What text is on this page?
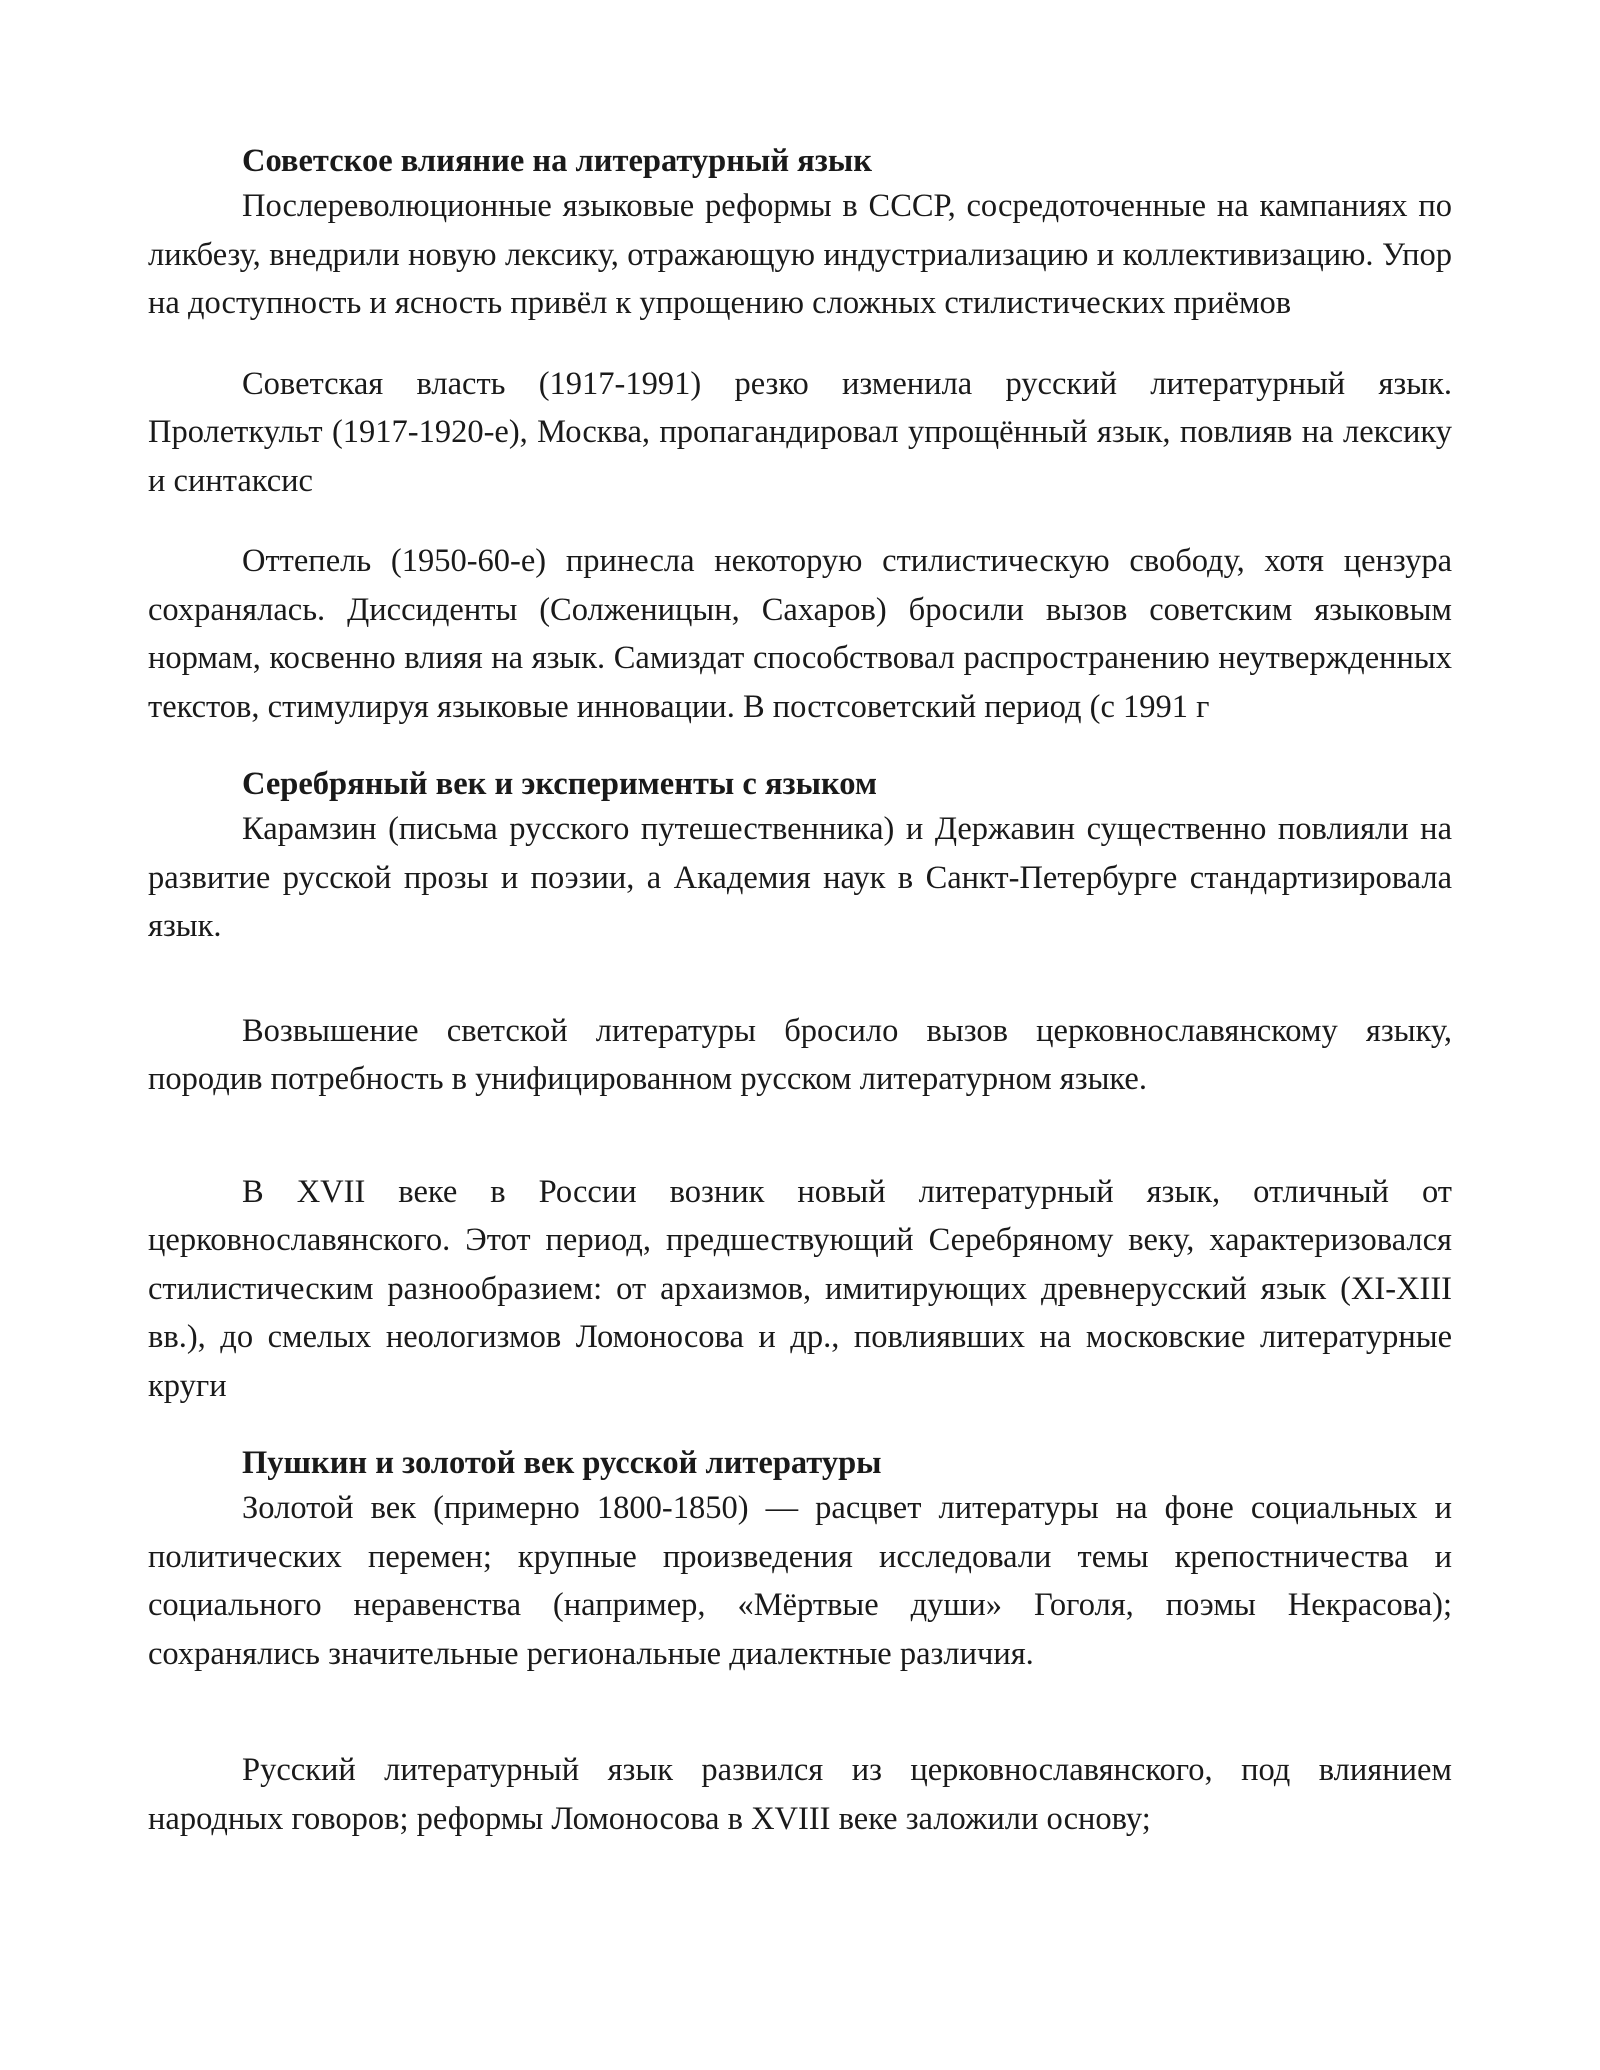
Советское влияние на литературный язык

Послереволюционные языковые реформы в СССР, сосредоточенные на кампаниях по ликбезу, внедрили новую лексику, отражающую индустриализацию и коллективизацию. Упор на доступность и ясность привёл к упрощению сложных стилистических приёмов

Советская власть (1917-1991) резко изменила русский литературный язык. Пролеткульт (1917-1920-е), Москва, пропагандировал упрощённый язык, повлияв на лексику и синтаксис

Оттепель (1950-60-е) принесла некоторую стилистическую свободу, хотя цензура сохранялась. Диссиденты (Солженицын, Сахаров) бросили вызов советским языковым нормам, косвенно влияя на язык. Самиздат способствовал распространению неутвержденных текстов, стимулируя языковые инновации. В постсоветский период (с 1991 г

Серебряный век и эксперименты с языком

Карамзин (письма русского путешественника) и Державин существенно повлияли на развитие русской прозы и поэзии, а Академия наук в Санкт-Петербурге стандартизировала язык.

Возвышение светской литературы бросило вызов церковнославянскому языку, породив потребность в унифицированном русском литературном языке.

В XVII веке в России возник новый литературный язык, отличный от церковнославянского. Этот период, предшествующий Серебряному веку, характеризовался стилистическим разнообразием: от архаизмов, имитирующих древнерусский язык (XI-XIII вв.), до смелых неологизмов Ломоносова и др., повлиявших на московские литературные круги

Пушкин и золотой век русской литературы

Золотой век (примерно 1800-1850) — расцвет литературы на фоне социальных и политических перемен; крупные произведения исследовали темы крепостничества и социального неравенства (например, «Мёртвые души» Гоголя, поэмы Некрасова); сохранялись значительные региональные диалектные различия.

Русский литературный язык развился из церковнославянского, под влиянием народных говоров; реформы Ломоносова в XVIII веке заложили основу;
